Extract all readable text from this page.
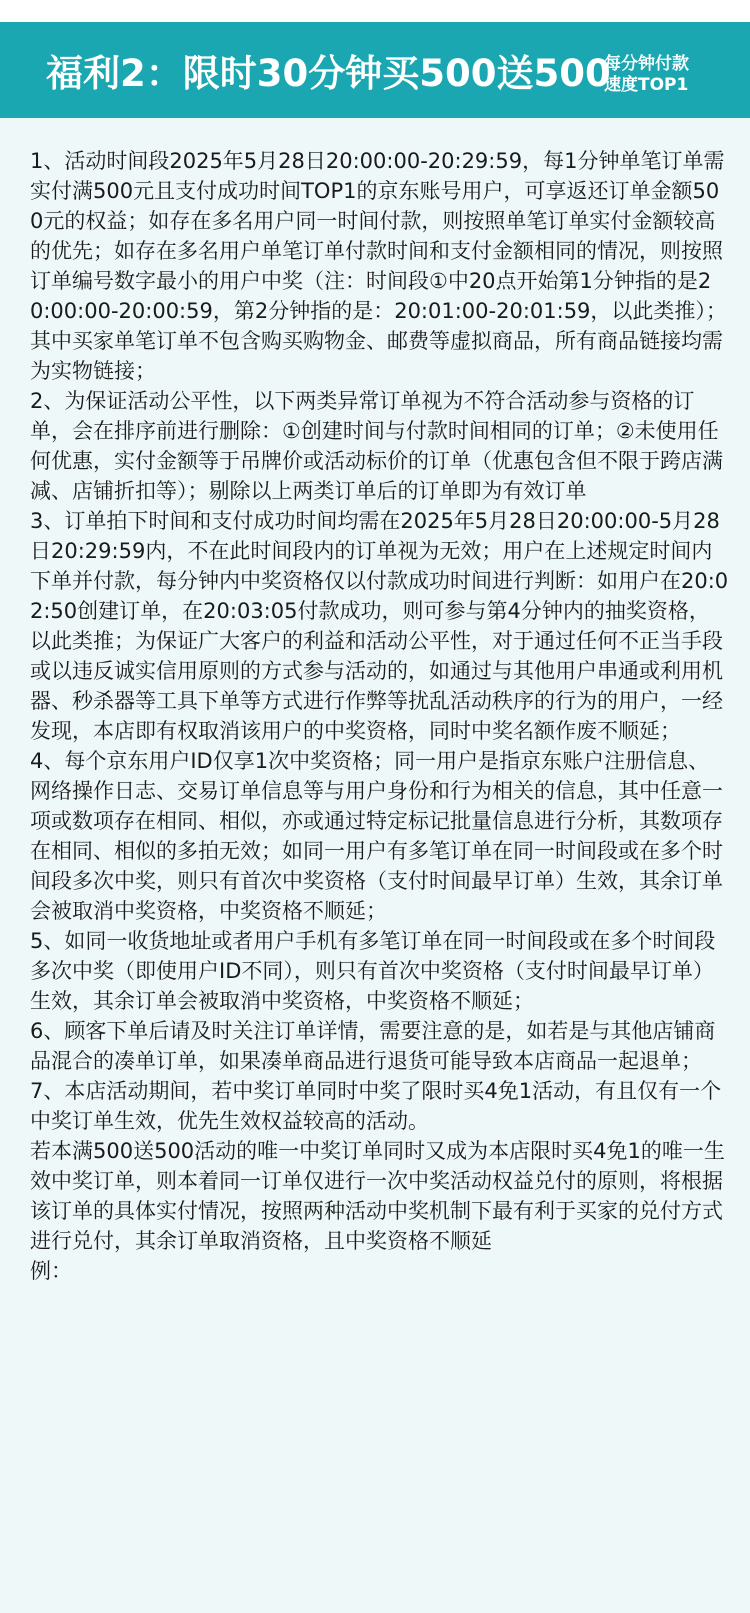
福利2：限时30分钟买500送500
每分钟付款
速度TOP1

1、活动时间段2025年5月28日20:00:00-20:29:59，每1分钟单笔订单需实付满500元且支付成功时间TOP1的京东账号用户，可享返还订单金额500元的权益；如存在多名用户同一时间付款，则按照单笔订单实付金额较高的优先；如存在多名用户单笔订单付款时间和支付金额相同的情况，则按照订单编号数字最小的用户中奖（注：时间段①中20点开始第1分钟指的是20:00:00-20:00:59，第2分钟指的是：20:01:00-20:01:59，以此类推）；其中买家单笔订单不包含购买购物金、邮费等虚拟商品，所有商品链接均需为实物链接；

2、为保证活动公平性，以下两类异常订单视为不符合活动参与资格的订单，会在排序前进行删除：①创建时间与付款时间相同的订单；②未使用任何优惠，实付金额等于吊牌价或活动标价的订单（优惠包含但不限于跨店满减、店铺折扣等）；剔除以上两类订单后的订单即为有效订单

3、订单拍下时间和支付成功时间均需在2025年5月28日20:00:00-5月28日20:29:59内，不在此时间段内的订单视为无效；用户在上述规定时间内下单并付款，每分钟内中奖资格仅以付款成功时间进行判断：如用户在20:02:50创建订单，在20:03:05付款成功，则可参与第4分钟内的抽奖资格，以此类推；为保证广大客户的利益和活动公平性，对于通过任何不正当手段或以违反诚实信用原则的方式参与活动的，如通过与其他用户串通或利用机器、秒杀器等工具下单等方式进行作弊等扰乱活动秩序的行为的用户，一经发现，本店即有权取消该用户的中奖资格，同时中奖名额作废不顺延；

4、每个京东用户ID仅享1次中奖资格；同一用户是指京东账户注册信息、网络操作日志、交易订单信息等与用户身份和行为相关的信息，其中任意一项或数项存在相同、相似，亦或通过特定标记批量信息进行分析，其数项存在相同、相似的多拍无效；如同一用户有多笔订单在同一时间段或在多个时间段多次中奖，则只有首次中奖资格（支付时间最早订单）生效，其余订单会被取消中奖资格，中奖资格不顺延；

5、如同一收货地址或者用户手机有多笔订单在同一时间段或在多个时间段多次中奖（即使用户ID不同），则只有首次中奖资格（支付时间最早订单）生效，其余订单会被取消中奖资格，中奖资格不顺延；

6、顾客下单后请及时关注订单详情，需要注意的是，如若是与其他店铺商品混合的凑单订单，如果凑单商品进行退货可能导致本店商品一起退单；

7、本店活动期间，若中奖订单同时中奖了限时买4免1活动，有且仅有一个中奖订单生效，优先生效权益较高的活动。

若本满500送500活动的唯一中奖订单同时又成为本店限时买4免1的唯一生效中奖订单，则本着同一订单仅进行一次中奖活动权益兑付的原则，将根据该订单的具体实付情况，按照两种活动中奖机制下最有利于买家的兑付方式进行兑付，其余订单取消资格，且中奖资格不顺延

例：
